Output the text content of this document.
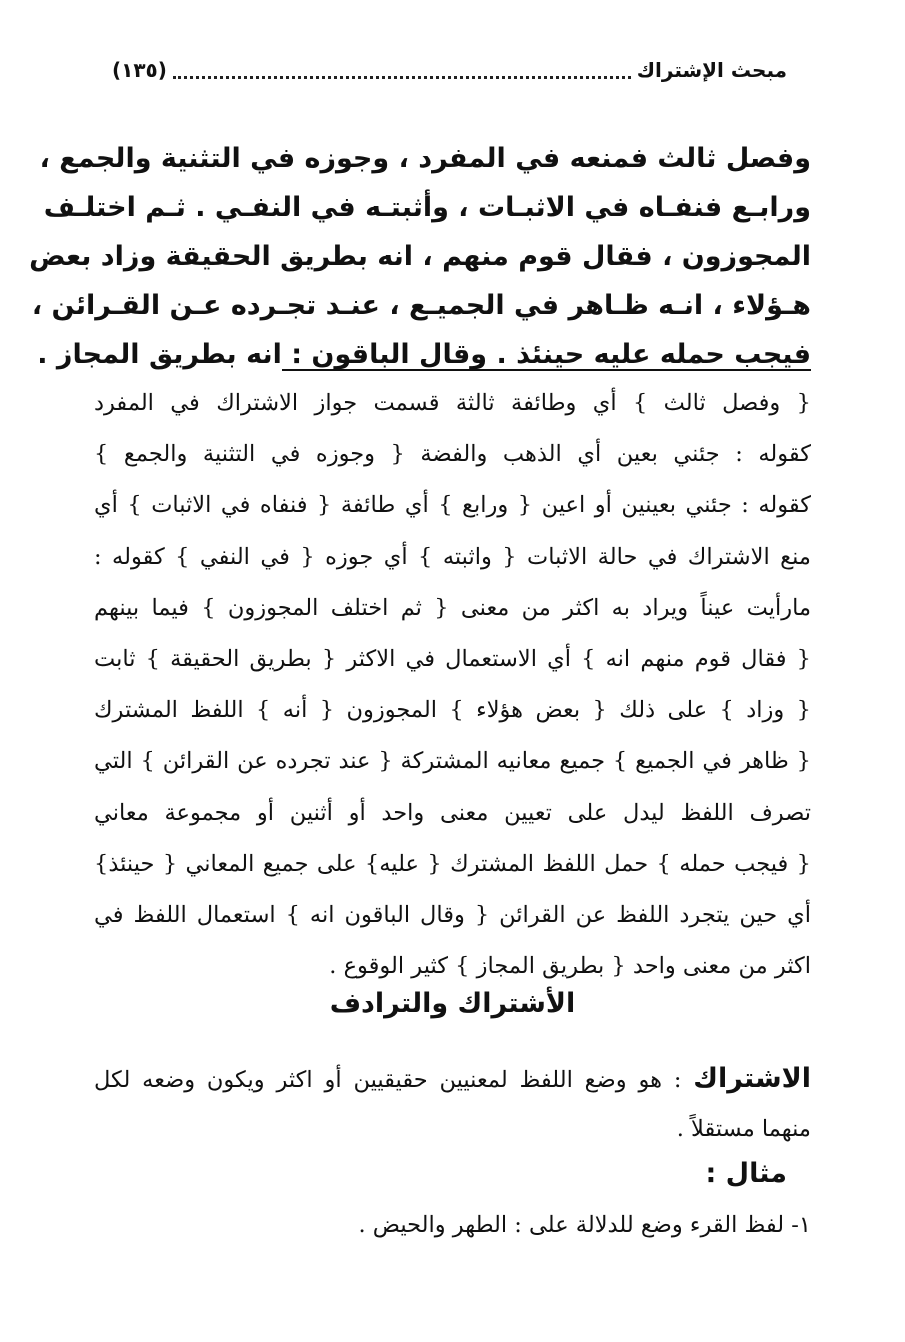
مبحث الإشتراك
(١٣٥)
وفصل ثالث فمنعه في المفرد ، وجوزه في التثنية والجمع ،
ورابـع فنفـاه في الاثبـات ، وأثبتـه في النفـي . ثـم اختلـف
المجوزون ، فقال قوم منهم ، انه بطريق الحقيقة وزاد بعض
هـؤلاء ، انـه ظـاهر في الجميـع ، عنـد تجـرده عـن القـرائن ،
فيجب حمله عليه حينئذ . وقال الباقون : انه بطريق المجاز .
{ وفصل ثالث } أي وطائفة ثالثة قسمت جواز الاشتراك في المفرد
كقوله : جئني بعين أي الذهب والفضة { وجوزه في التثنية والجمع }
كقوله : جئني بعينين أو اعين { ورابع } أي طائفة { فنفاه في الاثبات } أي
منع الاشتراك في حالة الاثبات { واثبته } أي جوزه { في النفي } كقوله :
مارأيت عيناً ويراد به اكثر من معنى { ثم اختلف المجوزون } فيما بينهم
{ فقال قوم منهم انه } أي الاستعمال في الاكثر { بطريق الحقيقة } ثابت
{ وزاد } على ذلك { بعض هؤلاء } المجوزون { أنه } اللفظ المشترك
{ ظاهر في الجميع } جميع معانيه المشتركة { عند تجرده عن القرائن } التي
تصرف اللفظ ليدل على تعيين معنى واحد أو أثنين أو مجموعة معاني
{ فيجب حمله } حمل اللفظ المشترك { عليه} على جميع المعاني { حينئذ}
أي حين يتجرد اللفظ عن القرائن { وقال الباقون انه } استعمال اللفظ في
اكثر من معنى واحد { بطريق المجاز } كثير الوقوع .
الأشتراك والترادف
الاشتراك : هو وضع اللفظ لمعنيين حقيقيين أو اكثر ويكون وضعه لكل
منهما مستقلاً .
مثال :
١- لفظ القرء وضع للدلالة على : الطهر والحيض .
